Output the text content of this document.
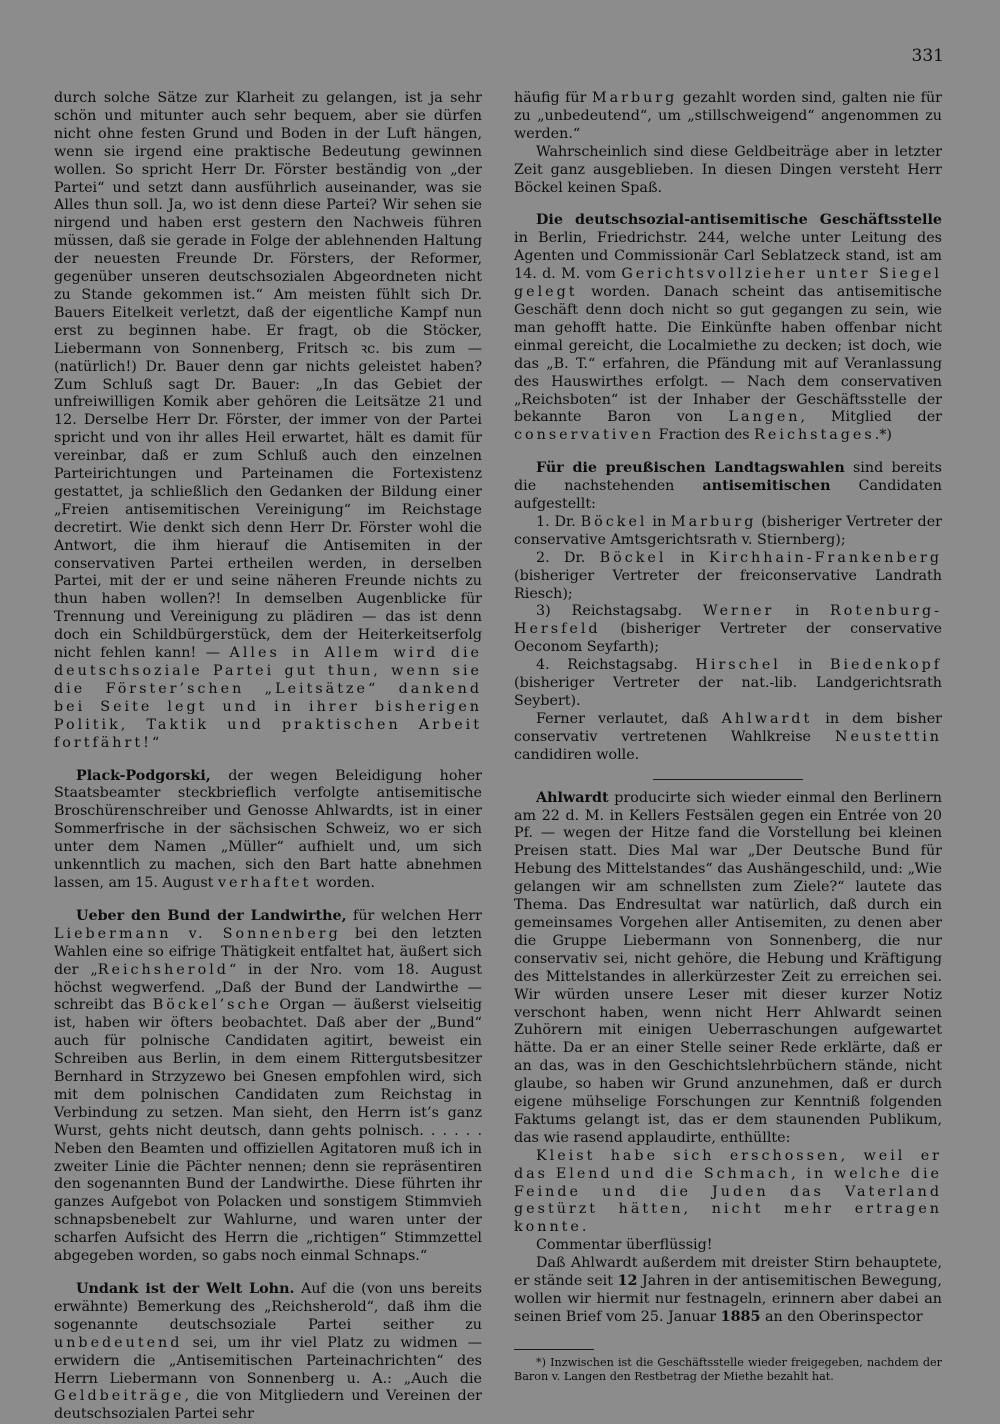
331

durch solche Sätze zur Klarheit zu gelangen, ist ja sehr schön und mitunter auch sehr bequem, aber sie dürfen nicht ohne festen Grund und Boden in der Luft hängen, wenn sie irgend eine praktische Bedeutung gewinnen wollen. So spricht Herr Dr. Förster beständig von „der Partei“ und setzt dann ausführlich auseinander, was sie Alles thun soll. Ja, wo ist denn diese Partei? Wir sehen sie nirgend und haben erst gestern den Nachweis führen müssen, daß sie gerade in Folge der ablehnenden Haltung der neuesten Freunde Dr. Försters, der Reformer, gegenüber unseren deutschsozialen Abgeordneten nicht zu Stande gekommen ist.“ Am meisten fühlt sich Dr. Bauers Eitelkeit verletzt, daß der eigentliche Kampf nun erst zu beginnen habe. Er fragt, ob die Stöcker, Liebermann von Sonnenberg, Fritsch ꝛc. bis zum — (natürlich!) Dr. Bauer denn gar nichts geleistet haben? Zum Schluß sagt Dr. Bauer: „In das Gebiet der unfreiwilligen Komik aber gehören die Leitsätze 21 und 12. Derselbe Herr Dr. Förster, der immer von der Partei spricht und von ihr alles Heil erwartet, hält es damit für vereinbar, daß er zum Schluß auch den einzelnen Parteirichtungen und Parteinamen die Fortexistenz gestattet, ja schließlich den Gedanken der Bildung einer „Freien antisemitischen Vereinigung“ im Reichstage decretirt. Wie denkt sich denn Herr Dr. Förster wohl die Antwort, die ihm hierauf die Antisemiten in der conservativen Partei ertheilen werden, in derselben Partei, mit der er und seine näheren Freunde nichts zu thun haben wollen?! In demselben Augenblicke für Trennung und Vereinigung zu plädiren — das ist denn doch ein Schildbürgerstück, dem der Heiterkeitserfolg nicht fehlen kann! — Alles in Allem wird die deutschsoziale Partei gut thun, wenn sie die Förster’schen „Leitsätze“ dankend bei Seite legt und in ihrer bisherigen Politik, Taktik und praktischen Arbeit fortfährt!“

Plack-Podgorski, der wegen Beleidigung hoher Staatsbeamter steckbrieflich verfolgte antisemitische Broschürenschreiber und Genosse Ahlwardts, ist in einer Sommerfrische in der sächsischen Schweiz, wo er sich unter dem Namen „Müller“ aufhielt und, um sich unkenntlich zu machen, sich den Bart hatte abnehmen lassen, am 15. August verhaftet worden.

Ueber den Bund der Landwirthe, für welchen Herr Liebermann v. Sonnenberg bei den letzten Wahlen eine so eifrige Thätigkeit entfaltet hat, äußert sich der „Reichsherold“ in der Nro. vom 18. August höchst wegwerfend. „Daß der Bund der Landwirthe — schreibt das Böckel’sche Organ — äußerst vielseitig ist, haben wir öfters beobachtet. Daß aber der „Bund“ auch für polnische Candidaten agitirt, beweist ein Schreiben aus Berlin, in dem einem Rittergutsbesitzer Bernhard in Strzyzewo bei Gnesen empfohlen wird, sich mit dem polnischen Candidaten zum Reichstag in Verbindung zu setzen. Man sieht, den Herrn ist’s ganz Wurst, gehts nicht deutsch, dann gehts polnisch. . . . . . Neben den Beamten und offiziellen Agitatoren muß ich in zweiter Linie die Pächter nennen; denn sie repräsentiren den sogenannten Bund der Landwirthe. Diese führten ihr ganzes Aufgebot von Polacken und sonstigem Stimmvieh schnapsbenebelt zur Wahlurne, und waren unter der scharfen Aufsicht des Herrn die „richtigen“ Stimmzettel abgegeben worden, so gabs noch einmal Schnaps.“

Undank ist der Welt Lohn. Auf die (von uns bereits erwähnte) Bemerkung des „Reichsherold“, daß ihm die sogenannte deutschsoziale Partei seither zu unbedeutend sei, um ihr viel Platz zu widmen — erwidern die „Antisemitischen Parteinachrichten“ des Herrn Liebermann von Sonnenberg u. A.: „Auch die Geldbeiträge, die von Mitgliedern und Vereinen der deutschsozialen Partei sehr

häufig für Marburg gezahlt worden sind, galten nie für zu „unbedeutend“, um „stillschweigend“ angenommen zu werden.“

Wahrscheinlich sind diese Geldbeiträge aber in letzter Zeit ganz ausgeblieben. In diesen Dingen versteht Herr Böckel keinen Spaß.

Die deutschsozial-antisemitische Geschäftsstelle in Berlin, Friedrichstr. 244, welche unter Leitung des Agenten und Commissionär Carl Seblatzeck stand, ist am 14. d. M. vom Gerichtsvollzieher unter Siegel gelegt worden. Danach scheint das antisemitische Geschäft denn doch nicht so gut gegangen zu sein, wie man gehofft hatte. Die Einkünfte haben offenbar nicht einmal gereicht, die Localmiethe zu decken; ist doch, wie das „B. T.“ erfahren, die Pfändung mit auf Veranlassung des Hauswirthes erfolgt. — Nach dem conservativen „Reichsboten“ ist der Inhaber der Geschäftsstelle der bekannte Baron von Langen, Mitglied der conservativen Fraction des Reichstages.*)

Für die preußischen Landtagswahlen sind bereits die nachstehenden antisemitischen Candidaten aufgestellt:

1. Dr. Böckel in Marburg (bisheriger Vertreter der conservative Amtsgerichtsrath v. Stiernberg);

2. Dr. Böckel in Kirchhain-Frankenberg (bisheriger Vertreter der freiconservative Landrath Riesch);

3) Reichstagsabg. Werner in Rotenburg-Hersfeld (bisheriger Vertreter der conservative Oeconom Seyfarth);

4. Reichstagsabg. Hirschel in Biedenkopf (bisheriger Vertreter der nat.-lib. Landgerichtsrath Seybert).

Ferner verlautet, daß Ahlwardt in dem bisher conservativ vertretenen Wahlkreise Neustettin candidiren wolle.

Ahlwardt producirte sich wieder einmal den Berlinern am 22 d. M. in Kellers Festsälen gegen ein Entrée von 20 Pf. — wegen der Hitze fand die Vorstellung bei kleinen Preisen statt. Dies Mal war „Der Deutsche Bund für Hebung des Mittelstandes“ das Aushängeschild, und: „Wie gelangen wir am schnellsten zum Ziele?“ lautete das Thema. Das Endresultat war natürlich, daß durch ein gemeinsames Vorgehen aller Antisemiten, zu denen aber die Gruppe Liebermann von Sonnenberg, die nur conservativ sei, nicht gehöre, die Hebung und Kräftigung des Mittelstandes in allerkürzester Zeit zu erreichen sei. Wir würden unsere Leser mit dieser kurzer Notiz verschont haben, wenn nicht Herr Ahlwardt seinen Zuhörern mit einigen Ueberraschungen aufgewartet hätte. Da er an einer Stelle seiner Rede erklärte, daß er an das, was in den Geschichtslehrbüchern stände, nicht glaube, so haben wir Grund anzunehmen, daß er durch eigene mühselige Forschungen zur Kenntniß folgenden Faktums gelangt ist, das er dem staunenden Publikum, das wie rasend applaudirte, enthüllte:

Kleist habe sich erschossen, weil er das Elend und die Schmach, in welche die Feinde und die Juden das Vaterland gestürzt hätten, nicht mehr ertragen konnte.

Commentar überflüssig!

Daß Ahlwardt außerdem mit dreister Stirn behauptete, er stände seit 12 Jahren in der antisemitischen Bewegung, wollen wir hiermit nur festnageln, erinnern aber dabei an seinen Brief vom 25. Januar 1885 an den Oberinspector

*) Inzwischen ist die Geschäftsstelle wieder freigegeben, nachdem der Baron v. Langen den Restbetrag der Miethe bezahlt hat.
